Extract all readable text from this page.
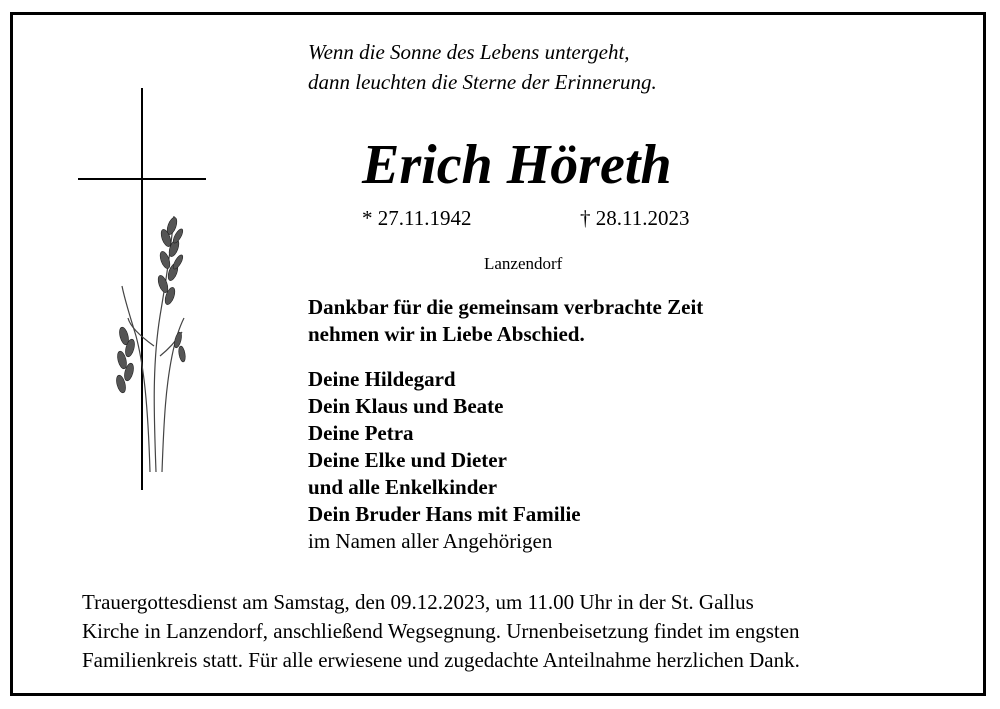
Wenn die Sonne des Lebens untergeht,
dann leuchten die Sterne der Erinnerung.
Erich Höreth
* 27.11.1942	† 28.11.2023
Lanzendorf
Dankbar für die gemeinsam verbrachte Zeit
nehmen wir in Liebe Abschied.
Deine Hildegard
Dein Klaus und Beate
Deine Petra
Deine Elke und Dieter
und alle Enkelkinder
Dein Bruder Hans mit Familie
im Namen aller Angehörigen
Trauergottesdienst am Samstag, den 09.12.2023, um 11.00 Uhr in der St. Gallus
Kirche in Lanzendorf, anschließend Wegsegnung. Urnenbeisetzung findet im engsten
Familienkreis statt. Für alle erwiesene und zugedachte Anteilnahme herzlichen Dank.
